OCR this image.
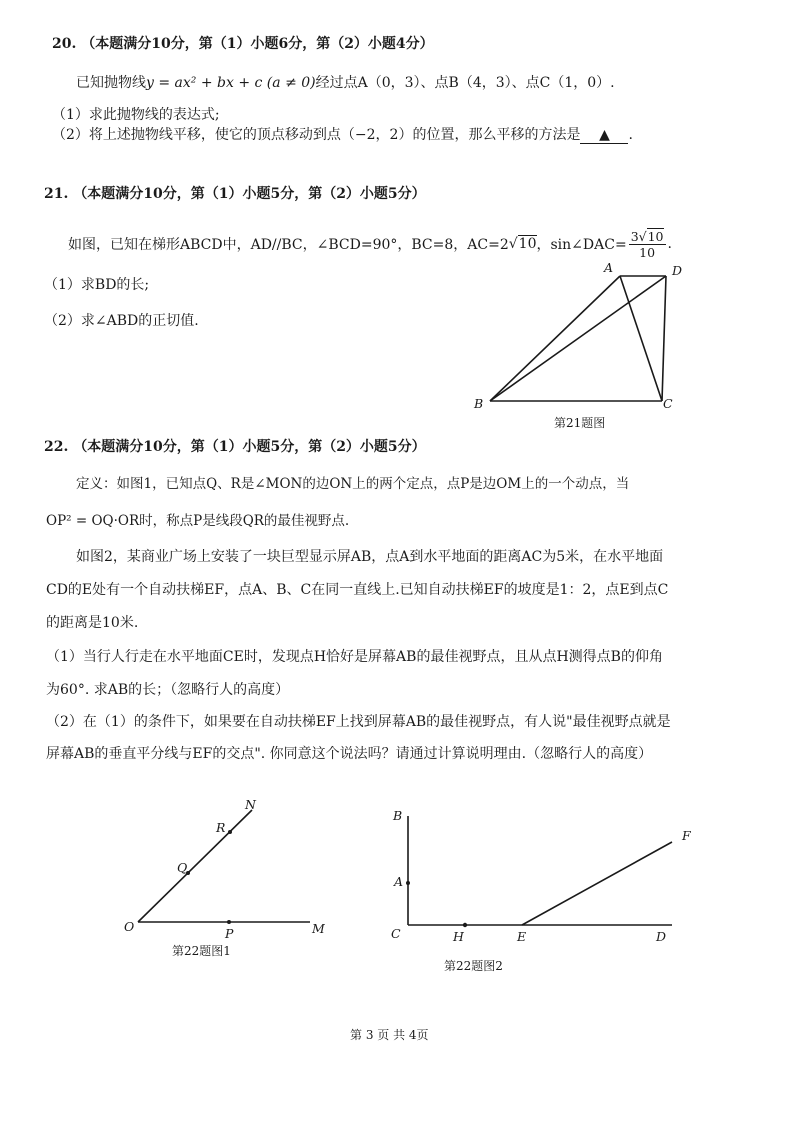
20. （本题满分10分，第（1）小题6分，第（2）小题4分）
已知抛物线y = ax² + bx + c (a ≠ 0)经过点A（0，3）、点B（4，3）、点C（1，0）.
（1）求此抛物线的表达式;
（2）将上述抛物线平移，使它的顶点移动到点（−2，2）的位置，那么平移的方法是 ▲ .
21. （本题满分10分，第（1）小题5分，第（2）小题5分）
如图，已知在梯形ABCD中，AD//BC，∠BCD=90°，BC=8，AC=2 √10 ，sin∠DAC= $\frac{3√10}{10}$ .
（1）求BD的长;
（2）求∠ABD的正切值.
A	D
B	C
第21题图
22. （本题满分10分，第（1）小题5分，第（2）小题5分）
定义：如图1，已知点Q、R是∠MON的边ON上的两个定点，点P是边OM上的一个动点，当
OP² = OQ·OR时，称点P是线段QR的最佳视野点.
如图2，某商业广场上安装了一块巨型显示屏AB，点A到水平地面的距离AC为5米，在水平地面
CD的E处有一个自动扶梯EF，点A、B、C在同一直线上.已知自动扶梯EF的坡度是1：2，点E到点C
的距离是10米.
（1）当行人行走在水平地面CE时，发现点H恰好是屏幕AB的最佳视野点，且从点H测得点B的仰角
为60°. 求AB的长；（忽略行人的高度）
（2）在（1）的条件下，如果要在自动扶梯EF上找到屏幕AB的最佳视野点，有人说"最佳视野点就是
屏幕AB的垂直平分线与EF的交点". 你同意这个说法吗？请通过计算说明理由.（忽略行人的高度）
N
R
Q
O	P	M
第22题图1
B
A
C	H	E	D
F
第22题图2
第 3 页 共 4页
